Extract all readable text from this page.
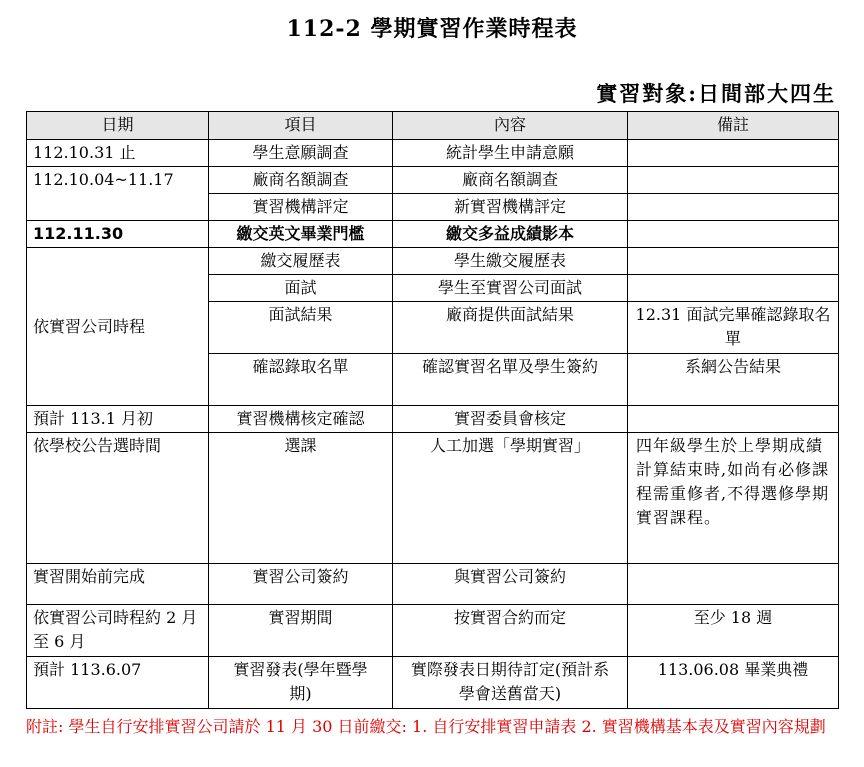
112-2 學期實習作業時程表
實習對象:日間部大四生
日期	項目	內容	備註
112.10.31 止	學生意願調查	統計學生申請意願	
112.10.04~11.17	廠商名額調查	廠商名額調查	
	實習機構評定	新實習機構評定	
112.11.30	繳交英文畢業門檻	繳交多益成績影本	
依實習公司時程	繳交履歷表	學生繳交履歷表	
	面試	學生至實習公司面試	
	面試結果	廠商提供面試結果	12.31 面試完畢確認錄取名單
	確認錄取名單	確認實習名單及學生簽約	系網公告結果
預計 113.1 月初	實習機構核定確認	實習委員會核定	
依學校公告選時間	選課	人工加選「學期實習」	四年級學生於上學期成績計算結束時,如尚有必修課程需重修者,不得選修學期實習課程。
實習開始前完成	實習公司簽約	與實習公司簽約	
依實習公司時程約 2 月至 6 月	實習期間	按實習合約而定	至少 18 週
預計 113.6.07	實習發表(學年暨學期)	實際發表日期待訂定(預計系學會送舊當天)	113.06.08 畢業典禮
附註: 學生自行安排實習公司請於 11 月 30 日前繳交: 1. 自行安排實習申請表 2. 實習機構基本表及實習內容規劃
